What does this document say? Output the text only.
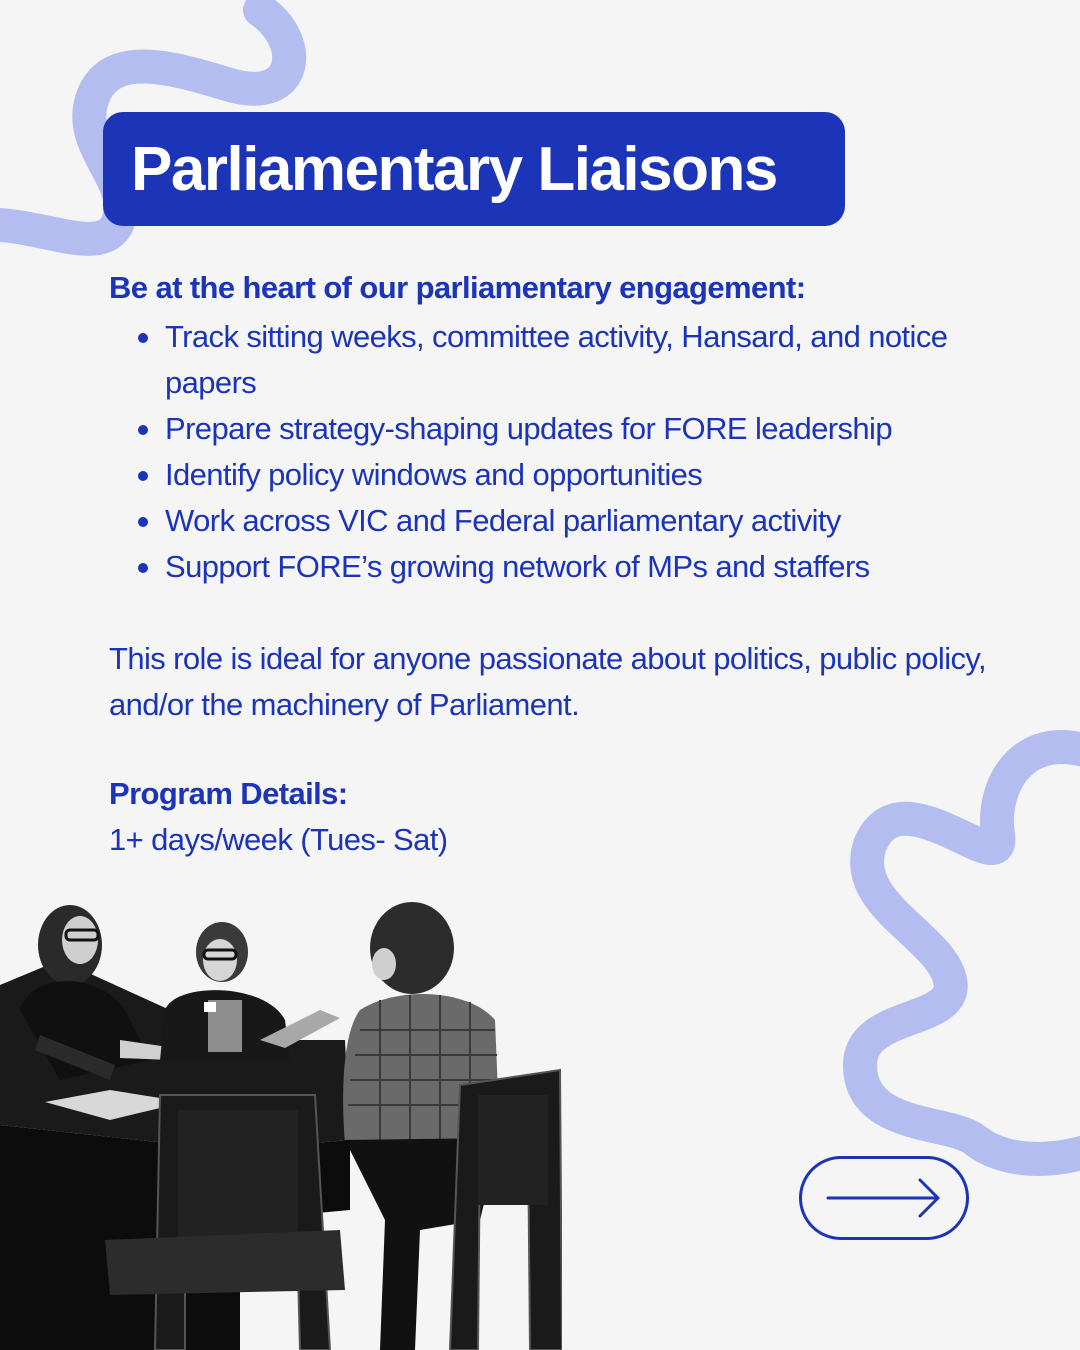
Parliamentary Liaisons
Be at the heart of our parliamentary engagement:
Track sitting weeks, committee activity, Hansard, and notice papers
Prepare strategy-shaping updates for FORE leadership
Identify policy windows and opportunities
Work across VIC and Federal parliamentary activity
Support FORE’s growing network of MPs and staffers

This role is ideal for anyone passionate about politics, public policy, and/or the machinery of Parliament.

Program Details:
1+ days/week (Tues- Sat)
